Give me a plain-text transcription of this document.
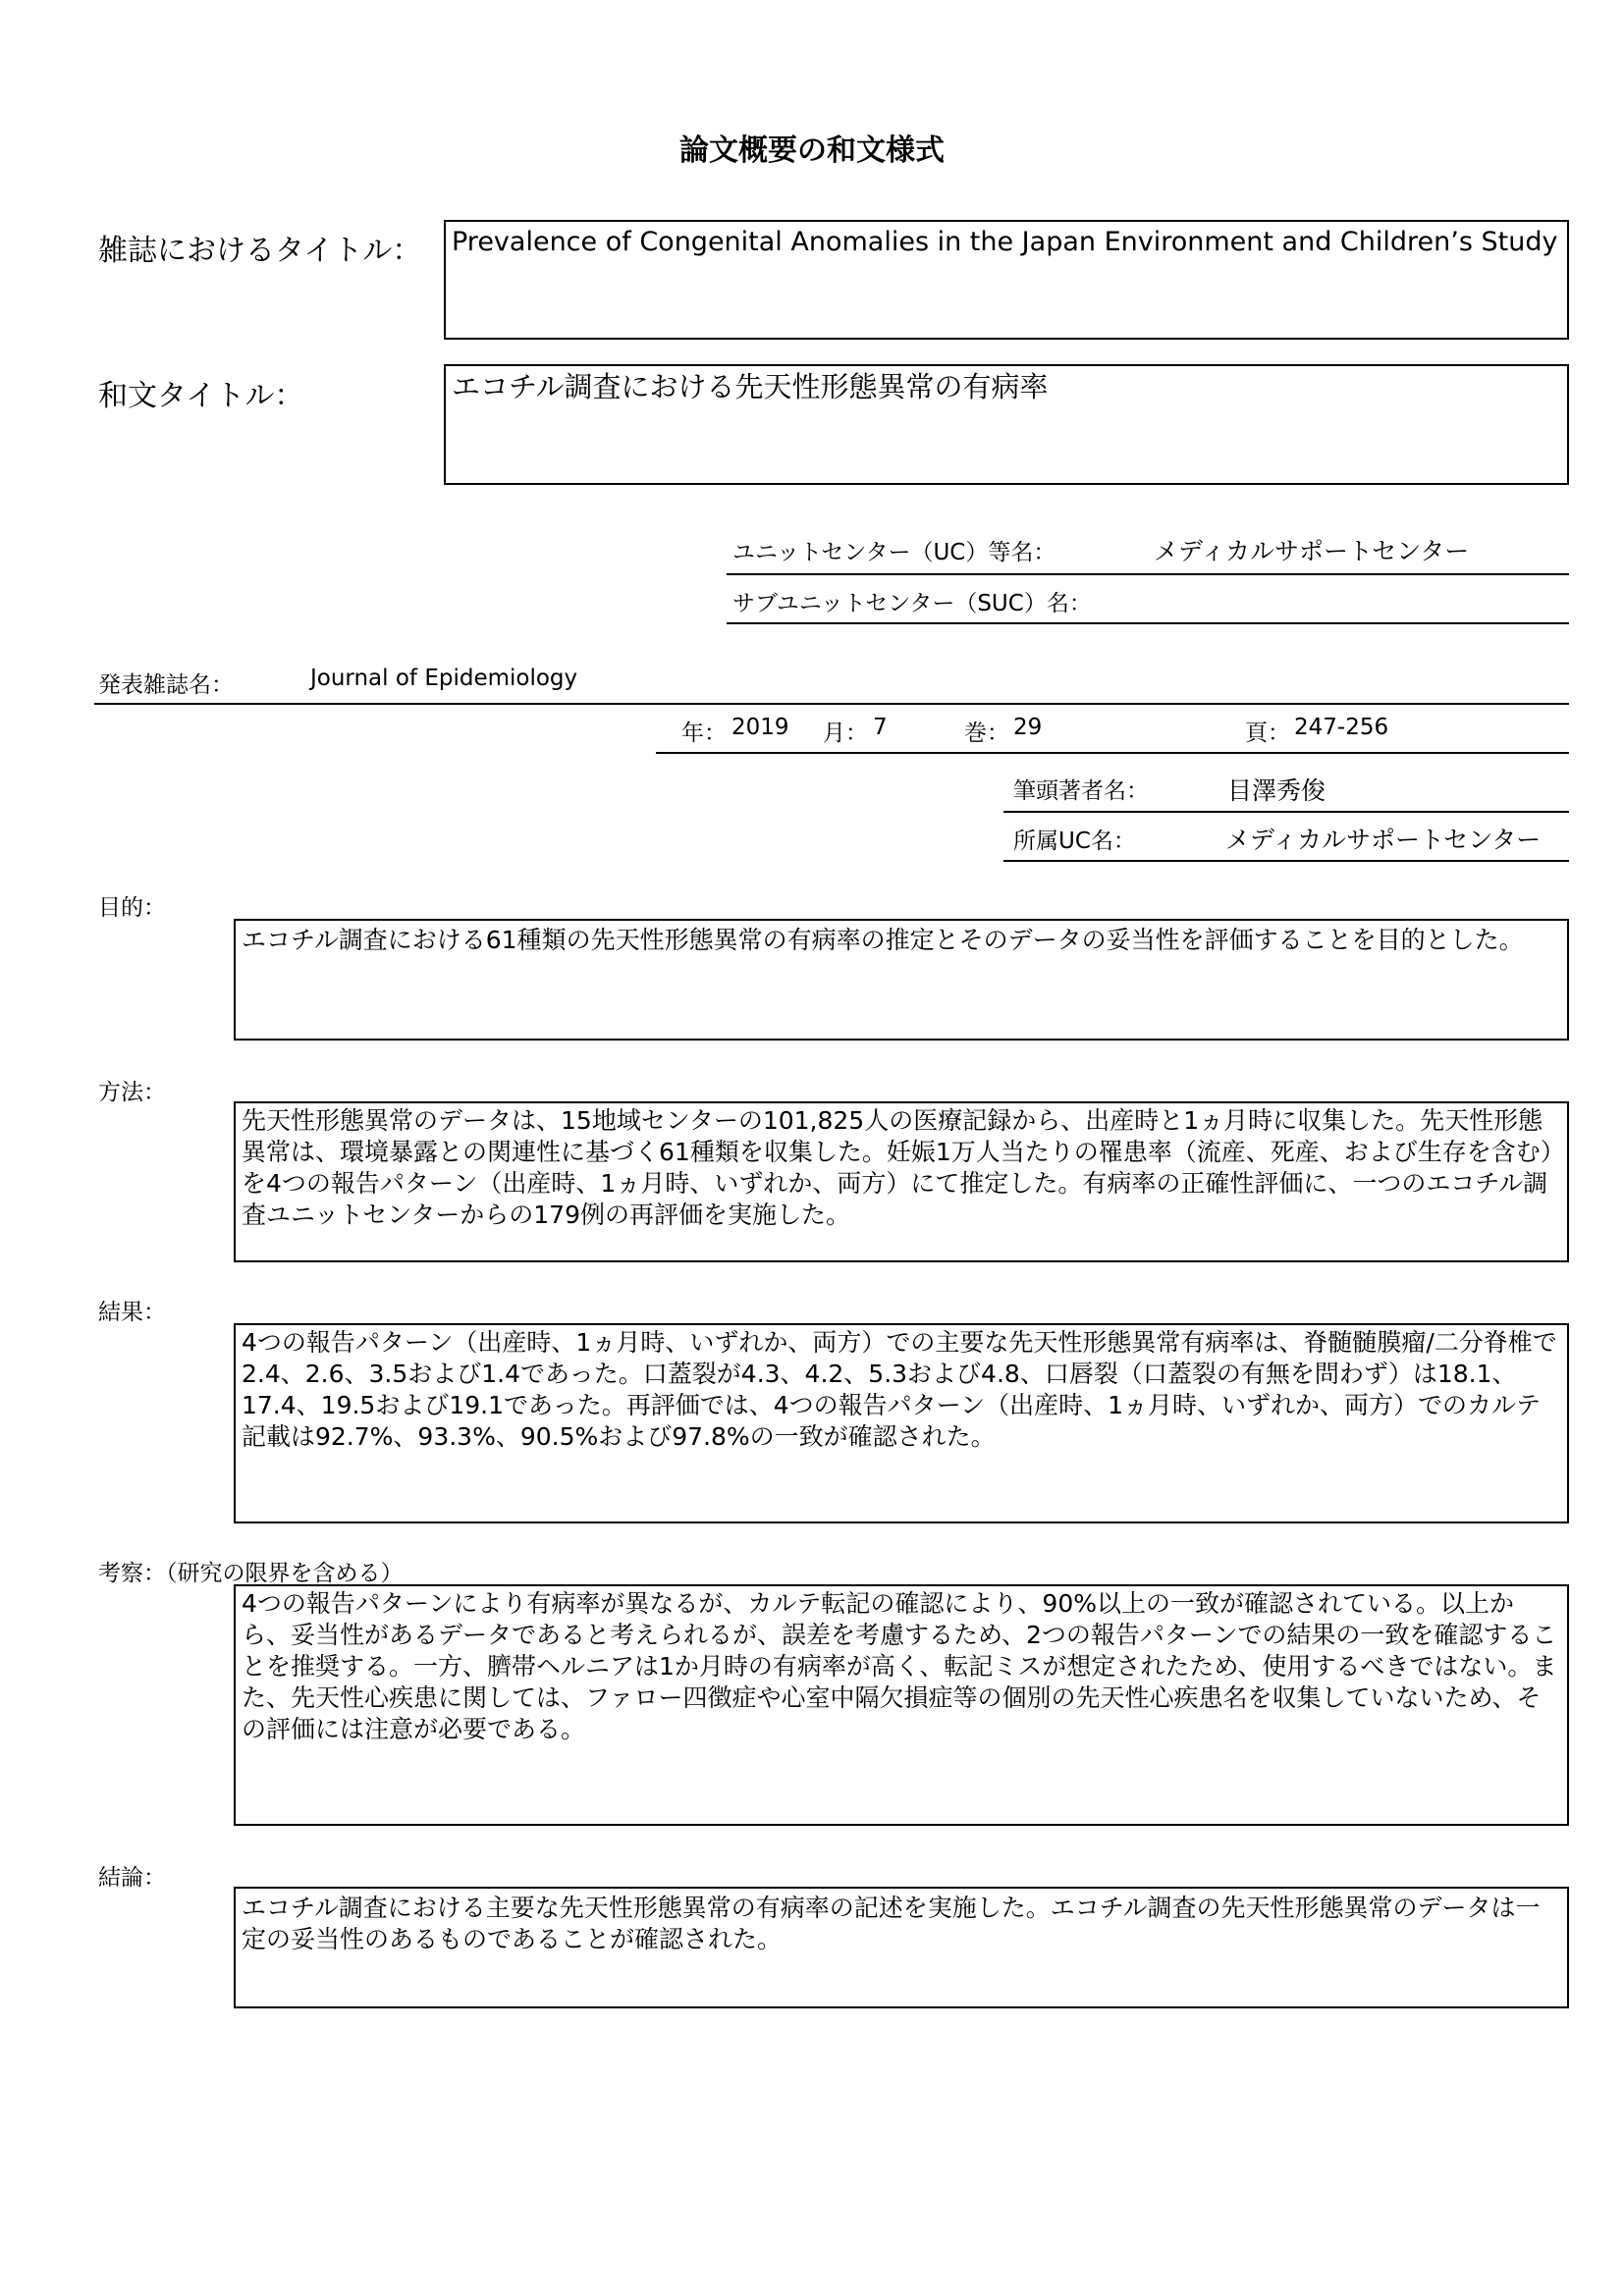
論文概要の和文様式
雑誌におけるタイトル： Prevalence of Congenital Anomalies in the Japan Environment and Children’s Study
和文タイトル：	エコチル調査における先天性形態異常の有病率
ユニットセンター（UC）等名：	メディカルサポートセンター
サブユニットセンター（SUC）名：
発表雑誌名：	Journal of Epidemiology
年： 2019 月： 7	巻： 29	頁： 247-256
筆頭著者名：	目澤秀俊
所属UC名：	メディカルサポートセンター
目的：
エコチル調査における61種類の先天性形態異常の有病率の推定とそのデータの妥当性を評価することを目的とした。
方法：
先天性形態異常のデータは、15地域センターの101,825人の医療記録から、出産時と1ヵ月時に収集した。先天性形態異常は、環境暴露との関連性に基づく61種類を収集した。妊娠1万人当たりの罹患率（流産、死産、および生存を含む）を4つの報告パターン（出産時、1ヵ月時、いずれか、両方）にて推定した。有病率の正確性評価に、一つのエコチル調査ユニットセンターからの179例の再評価を実施した。
結果：
4つの報告パターン（出産時、1ヵ月時、いずれか、両方）での主要な先天性形態異常有病率は、脊髄髄膜瘤/二分脊椎で2.4、2.6、3.5および1.4であった。口蓋裂が4.3、4.2、5.3および4.8、口唇裂（口蓋裂の有無を問わず）は18.1、17.4、19.5および19.1であった。再評価では、4つの報告パターン（出産時、1ヵ月時、いずれか、両方）でのカルテ記載は92.7%、93.3%、90.5%および97.8%の一致が確認された。
考察：（研究の限界を含める）
4つの報告パターンにより有病率が異なるが、カルテ転記の確認により、90%以上の一致が確認されている。以上から、妥当性があるデータであると考えられるが、誤差を考慮するため、2つの報告パターンでの結果の一致を確認することを推奨する。一方、臍帯ヘルニアは1か月時の有病率が高く、転記ミスが想定されたため、使用するべきではない。また、先天性心疾患に関しては、ファロー四徴症や心室中隔欠損症等の個別の先天性心疾患名を収集していないため、その評価には注意が必要である。
結論：
エコチル調査における主要な先天性形態異常の有病率の記述を実施した。エコチル調査の先天性形態異常のデータは一定の妥当性のあるものであることが確認された。
